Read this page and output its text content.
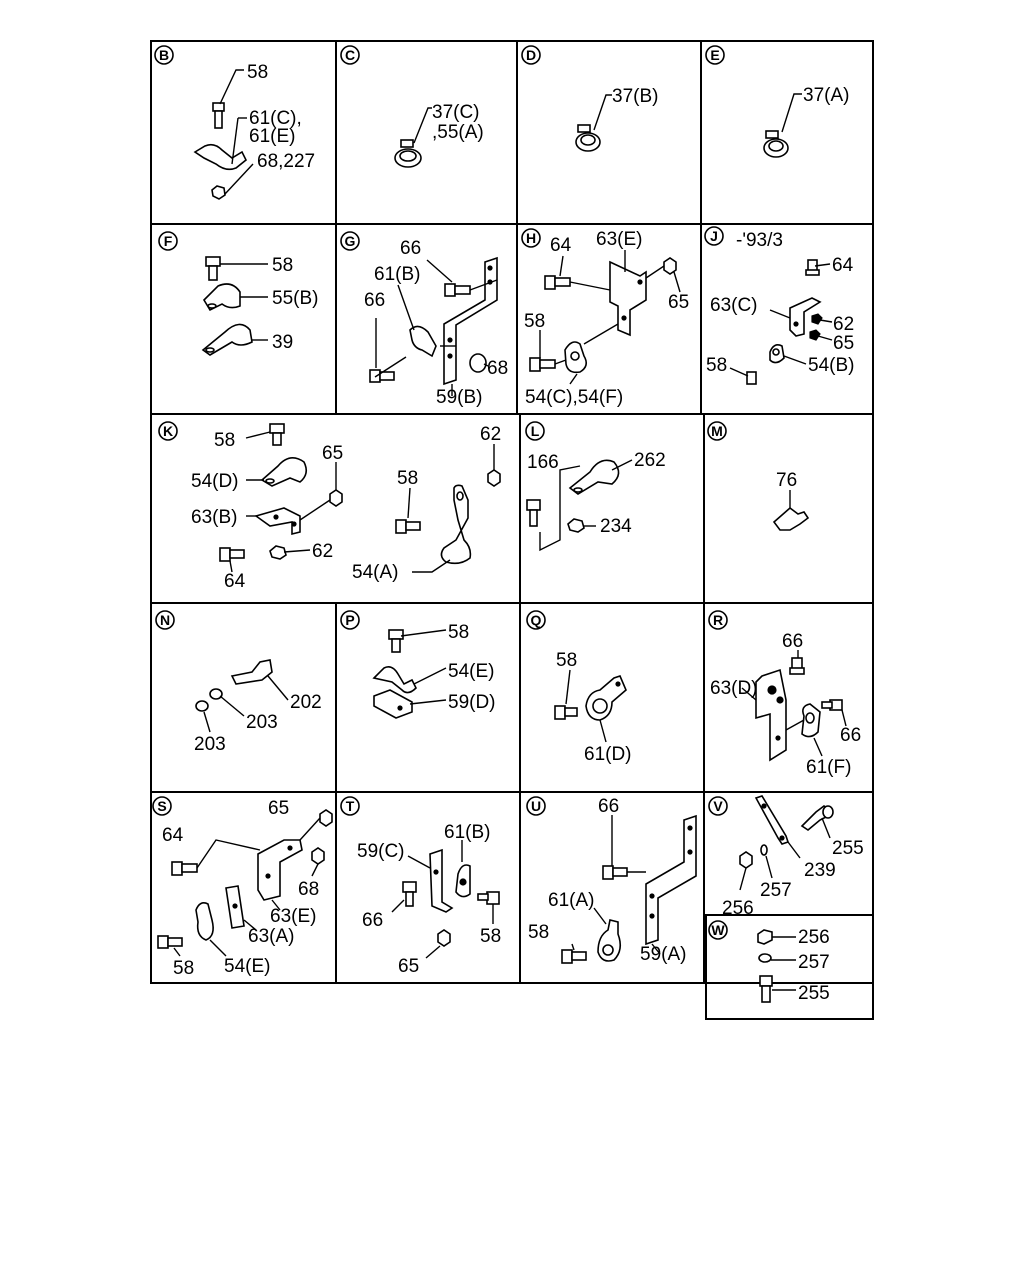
B
58
61(C),
61(E)
68,227
C
37(C)
,55(A)
D
37(B)
E
37(A)
F
58
55(B)
39
G 66
61(B)
66
68
59(B)
H 64 63(E)
65
58
54(C),54(F)
J -'93/3
64
63(C)
62
65
58	54(B)
K 58
54(D)
65
63(B)
62
64
58
62
54(A)
L
166	262
234
M
76
N
202
203
203
P
58
54(E)
59(D)
Q
58
61(D)
R
66
63(D)
66
61(F)
S	65
64
68
63(E)
63(A)
58 54(E)
T
61(B)
59(C)
66
58
65
U	66
61(A)
58
59(A)
V
255
257
239
256
W	256
257
255
